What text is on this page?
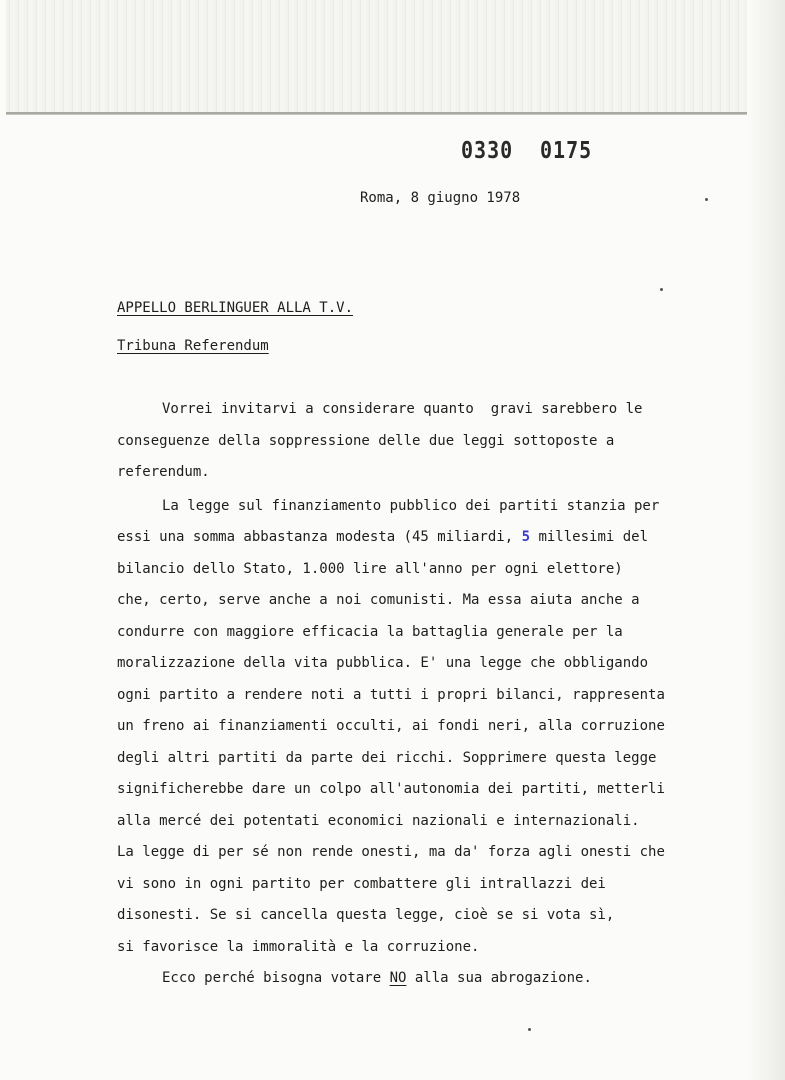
0330 0175
Roma, 8 giugno 1978
APPELLO BERLINGUER ALLA T.V.
Tribuna Referendum
Vorrei invitarvi a considerare quanto  gravi sarebbero le
conseguenze della soppressione delle due leggi sottoposte a
referendum.
La legge sul finanziamento pubblico dei partiti stanzia per
essi una somma abbastanza modesta (45 miliardi, 5 millesimi del
bilancio dello Stato, 1.000 lire all'anno per ogni elettore)
che, certo, serve anche a noi comunisti. Ma essa aiuta anche a
condurre con maggiore efficacia la battaglia generale per la
moralizzazione della vita pubblica. E' una legge che obbligando
ogni partito a rendere noti a tutti i propri bilanci, rappresenta
un freno ai finanziamenti occulti, ai fondi neri, alla corruzione
degli altri partiti da parte dei ricchi. Sopprimere questa legge
significherebbe dare un colpo all'autonomia dei partiti, metterli
alla mercé dei potentati economici nazionali e internazionali.
La legge di per sé non rende onesti, ma da' forza agli onesti che
vi sono in ogni partito per combattere gli intrallazzi dei
disonesti. Se si cancella questa legge, cioè se si vota sì,
si favorisce la immoralità e la corruzione.
Ecco perché bisogna votare NO alla sua abrogazione.
